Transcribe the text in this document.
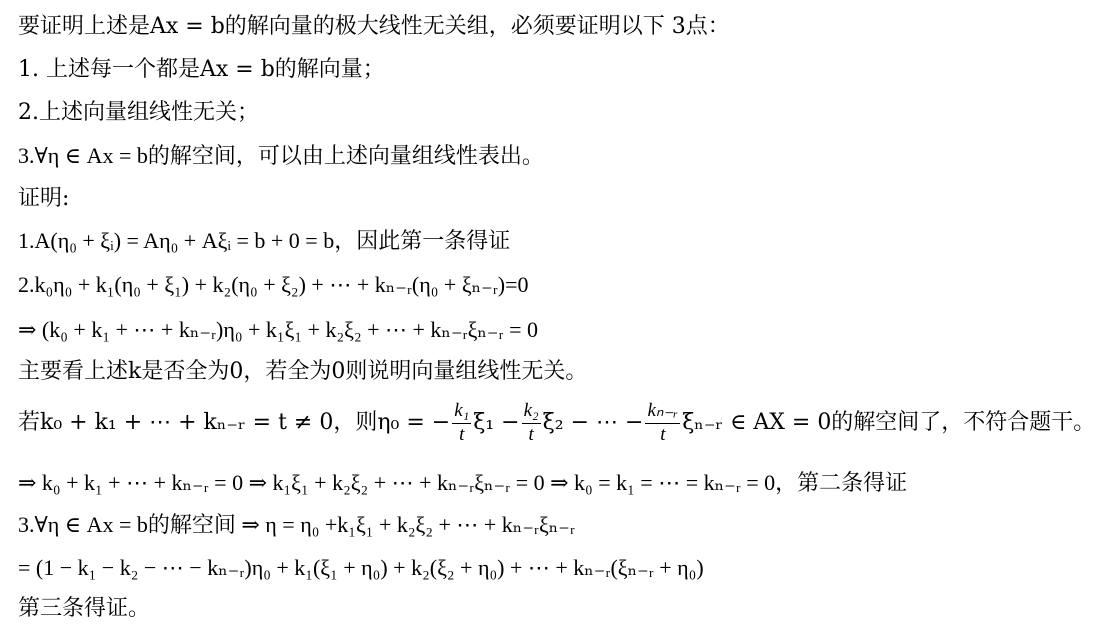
要证明上述是Ax = b的解向量的极大线性无关组，必须要证明以下 3点：
1. 上述每一个都是Ax = b的解向量；
2.上述向量组线性无关；
3.∀η ∈ Ax = b的解空间，可以由上述向量组线性表出。
证明:
1.A(η₀ + ξᵢ) = Aη₀ + Aξᵢ = b + 0 = b，因此第一条得证
2.k₀η₀ + k₁(η₀ + ξ₁) + k₂(η₀ + ξ₂) + ⋯ + kₙ₋ᵣ(η₀ + ξₙ₋ᵣ)=0
⇒ (k₀ + k₁ + ⋯ + kₙ₋ᵣ)η₀ + k₁ξ₁ + k₂ξ₂ + ⋯ + kₙ₋ᵣξₙ₋ᵣ = 0
主要看上述k是否全为0，若全为0则说明向量组线性无关。
若k₀ + k₁ + ⋯ + kₙ₋ᵣ = t ≠ 0，则η₀ = − $\frac{\text{k₁}}{t} \xi_1 - \frac{\text{k₂}}{t} \xi_2$ − ⋯ − $\frac{\text{kₙ₋ᵣ}}{t}$ ξₙ₋ᵣ ∈ AX = 0的解空间了，不符合题干。
⇒ k₀ + k₁ + ⋯ + kₙ₋ᵣ = 0 ⇒ k₁ξ₁ + k₂ξ₂ + ⋯ + kₙ₋ᵣξₙ₋ᵣ = 0 ⇒ k₀ = k₁ = ⋯ = kₙ₋ᵣ = 0，第二条得证
3.∀η ∈ Ax = b的解空间 ⇒ η = η₀ +k₁ξ₁ + k₂ξ₂ + ⋯ + kₙ₋ᵣξₙ₋ᵣ
= (1 − k₁ − k₂ − ⋯ − kₙ₋ᵣ)η₀ + k₁(ξ₁ + η₀) + k₂(ξ₂ + η₀) + ⋯ + kₙ₋ᵣ(ξₙ₋ᵣ + η₀)
第三条得证。
